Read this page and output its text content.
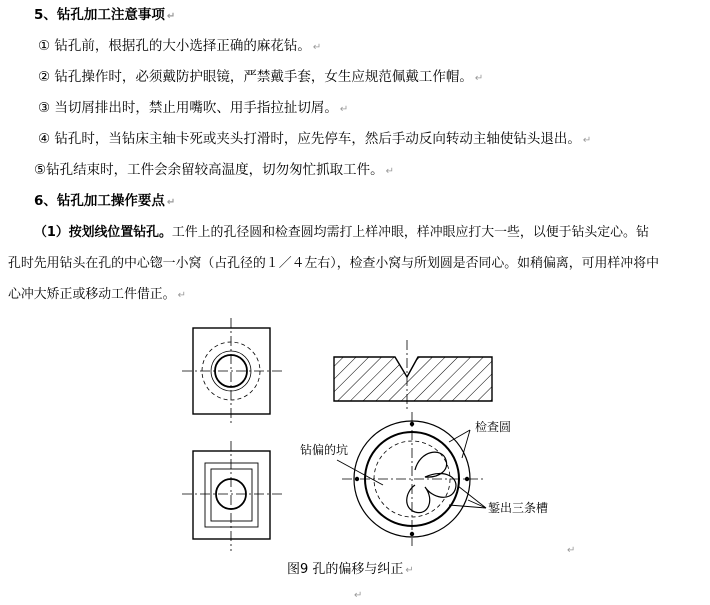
5、钻孔加工注意事项 ↵
① 钻孔前，根据孔的大小选择正确的麻花钻。 ↵
② 钻孔操作时，必须戴防护眼镜，严禁戴手套，女生应规范佩戴工作帽。 ↵
③ 当切屑排出时，禁止用嘴吹、用手指拉扯切屑。 ↵
④ 钻孔时，当钻床主轴卡死或夹头打滑时，应先停车，然后手动反向转动主轴使钻头退出。 ↵
⑤钻孔结束时，工件会余留较高温度，切勿匆忙抓取工件。 ↵
6、钻孔加工操作要点 ↵
（1）按划线位置钻孔。工件上的孔径圆和检查圆均需打上样冲眼，样冲眼应打大一些，以便于钻头定心。钻
孔时先用钻头在孔的中心锪一小窝（占孔径的１／４左右），检查小窝与所划圆是否同心。如稍偏离，可用样冲将中
心冲大矫正或移动工件借正。 ↵
检查圆
钻偏的坑
錾出三条槽
↵
图9 孔的偏移与纠正 ↵
↵
